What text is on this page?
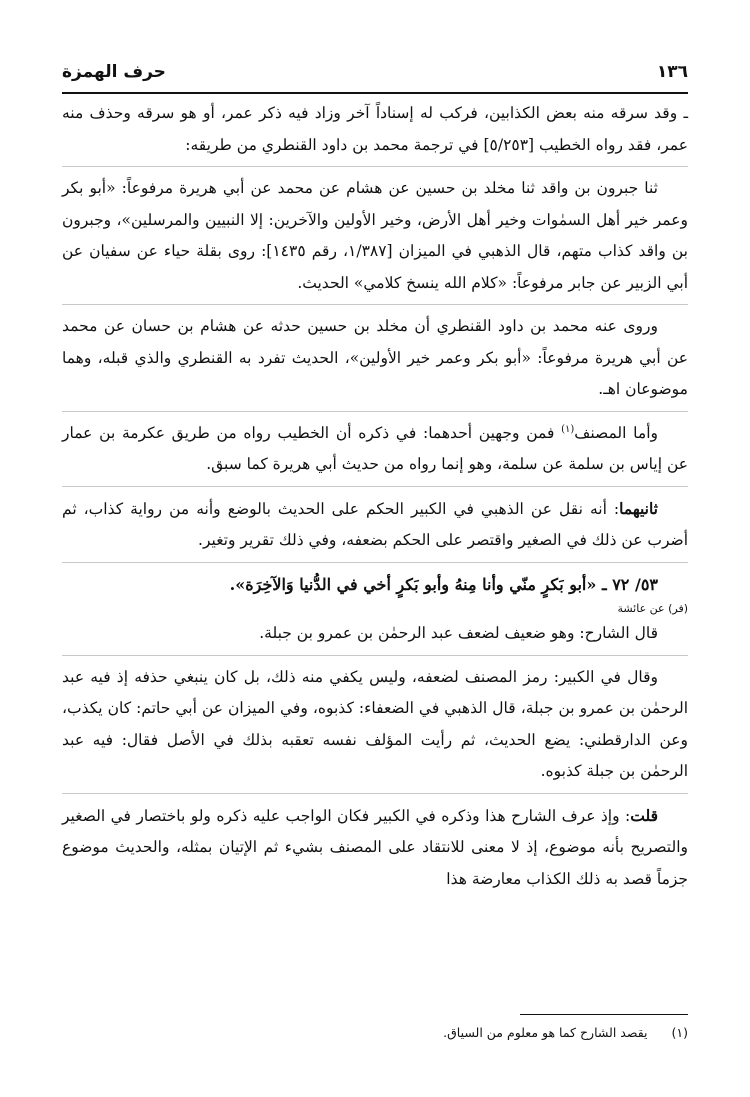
١٣٦
حرف الهمزة

ـ وقد سرقه منه بعض الكذابين، فركب له إسناداً آخر وزاد فيه ذكر عمر، أو هو سرقه وحذف منه عمر، فقد رواه الخطيب [٥/٢٥٣] في ترجمة محمد بن داود القنطري من طريقه:

ثنا جبرون بن واقد ثنا مخلد بن حسين عن هشام عن محمد عن أبي هريرة مرفوعاً: «أبو بكر وعمر خير أهل السمٰوات وخير أهل الأرض، وخير الأولين والآخرين: إلا النبيين والمرسلين»، وجبرون بن واقد كذاب متهم، قال الذهبي في الميزان [١/٣٨٧، رقم ١٤٣٥]: روى بقلة حياء عن سفيان عن أبي الزبير عن جابر مرفوعاً: «كلام الله ينسخ كلامي» الحديث.

وروى عنه محمد بن داود القنطري أن مخلد بن حسين حدثه عن هشام بن حسان عن محمد عن أبي هريرة مرفوعاً: «أبو بكر وعمر خير الأولين»، الحديث تفرد به القنطري والذي قبله، وهما موضوعان اهـ.

وأما المصنف$^{(١)}$ فمن وجهين أحدهما: في ذكره أن الخطيب رواه من طريق عكرمة بن عمار عن إياس بن سلمة عن سلمة، وهو إنما رواه من حديث أبي هريرة كما سبق.

ثانيهما: أنه نقل عن الذهبي في الكبير الحكم على الحديث بالوضع وأنه من رواية كذاب، ثم أضرب عن ذلك في الصغير واقتصر على الحكم بضعفه، وفي ذلك تقرير وتغير.

٥٣/ ٧٢ ـ «أبو بَكرٍ منّي وأنا مِنهُ وأبو بَكرٍ أخي في الدُّنيا وَالآخِرَة».

(فر) عن عائشة

قال الشارح: وهو ضعيف لضعف عبد الرحمٰن بن عمرو بن جبلة.

وقال في الكبير: رمز المصنف لضعفه، وليس يكفي منه ذلك، بل كان ينبغي حذفه إذ فيه عبد الرحمٰن بن عمرو بن جبلة، قال الذهبي في الضعفاء: كذبوه، وفي الميزان عن أبي حاتم: كان يكذب، وعن الدارقطني: يضع الحديث، ثم رأيت المؤلف نفسه تعقبه بذلك في الأصل فقال: فيه عبد الرحمٰن بن جبلة كذبوه.

قلت: وإذ عرف الشارح هذا وذكره في الكبير فكان الواجب عليه ذكره ولو باختصار في الصغير والتصريح بأنه موضوع، إذ لا معنى للانتقاد على المصنف بشيء ثم الإتيان بمثله، والحديث موضوع جزماً قصد به ذلك الكذاب معارضة هذا

(١) يقصد الشارح كما هو معلوم من السياق.
